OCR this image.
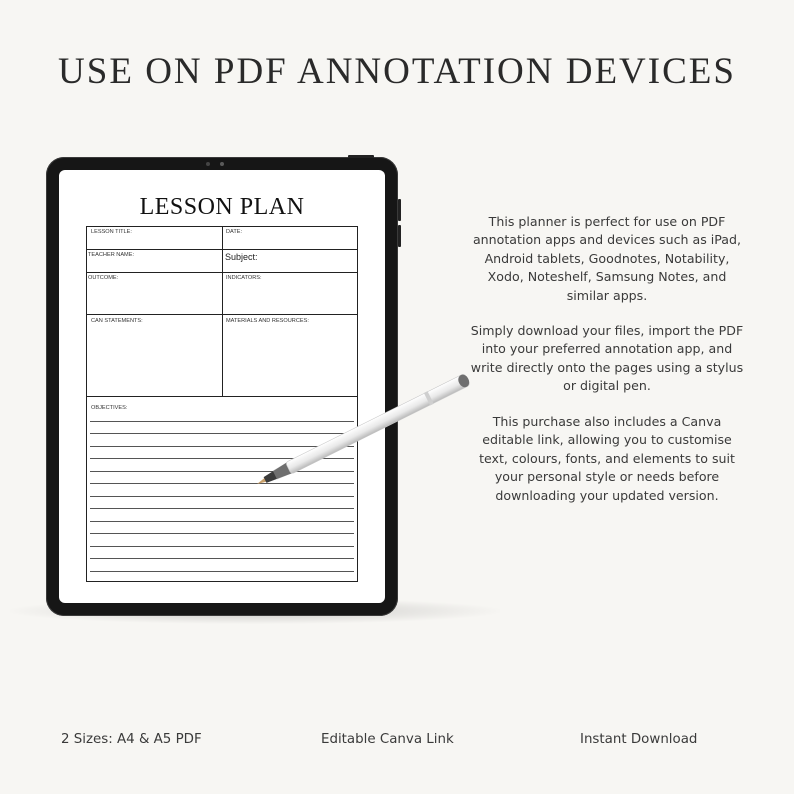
USE ON PDF ANNOTATION DEVICES
LESSON PLAN
LESSON TITLE:	DATE:
TEACHER NAME:	Subject:
OUTCOME:	INDICATORS:
CAN STATEMENTS:	MATERIALS AND RESOURCES:
OBJECTIVES:

This planner is perfect for use on PDF annotation apps and devices such as iPad, Android tablets, Goodnotes, Notability, Xodo, Noteshelf, Samsung Notes, and similar apps.

Simply download your files, import the PDF into your preferred annotation app, and write directly onto the pages using a stylus or digital pen.

This purchase also includes a Canva editable link, allowing you to customise text, colours, fonts, and elements to suit your personal style or needs before downloading your updated version.

2 Sizes: A4 & A5 PDF	Editable Canva Link	Instant Download
